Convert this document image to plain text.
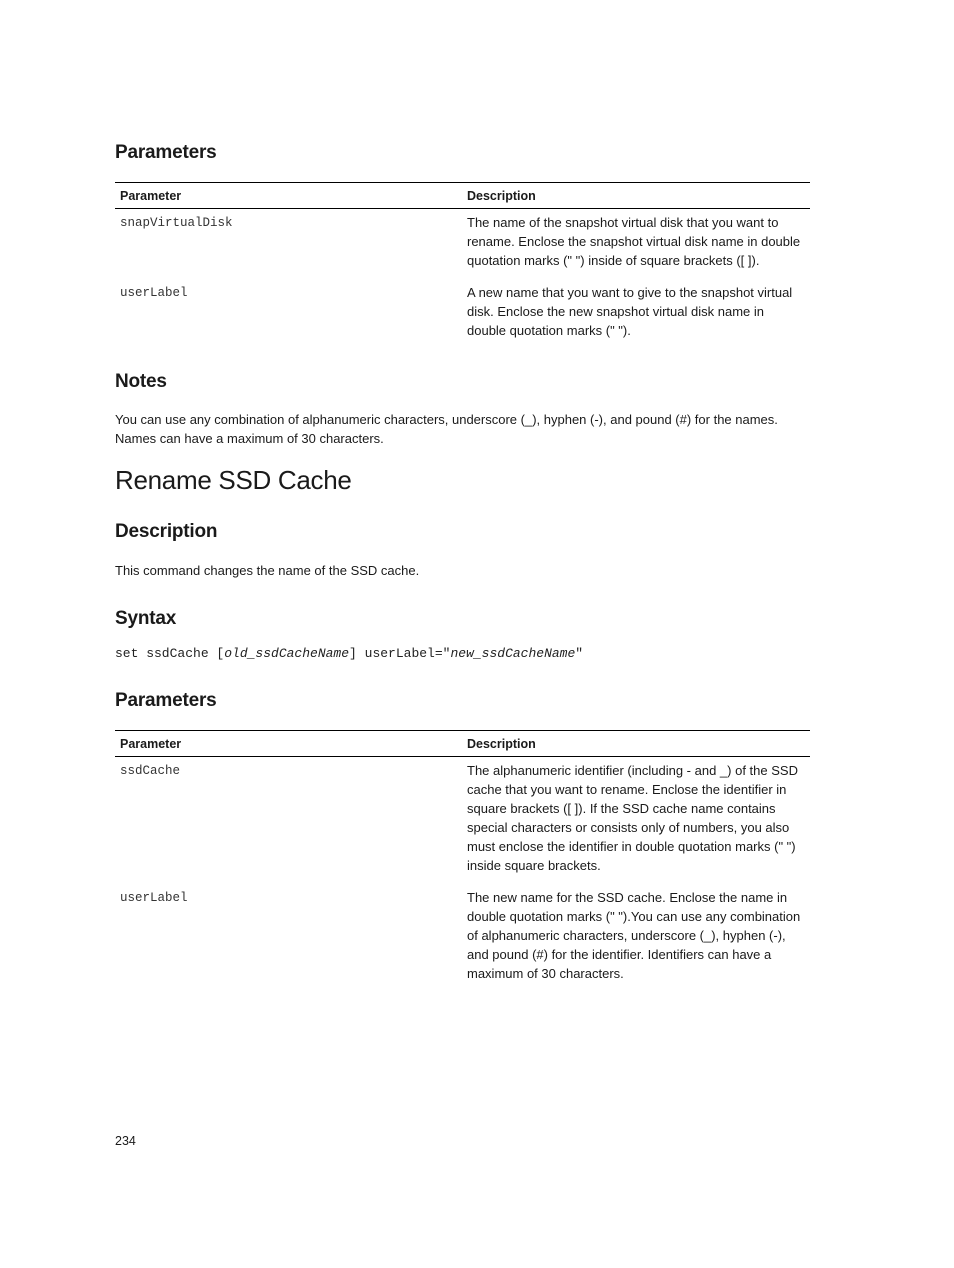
Parameters
Parameter	Description
snapVirtualDisk	The name of the snapshot virtual disk that you want to rename. Enclose the snapshot virtual disk name in double quotation marks (" ") inside of square brackets ([ ]).
userLabel	A new name that you want to give to the snapshot virtual disk. Enclose the new snapshot virtual disk name in double quotation marks (" ").
Notes

You can use any combination of alphanumeric characters, underscore (_), hyphen (-), and pound (#) for the names. Names can have a maximum of 30 characters.

Rename SSD Cache
Description

This command changes the name of the SSD cache.

Syntax
set ssdCache [old_ssdCacheName] userLabel="new_ssdCacheName"
Parameters
Parameter	Description
ssdCache	The alphanumeric identifier (including - and _) of the SSD cache that you want to rename. Enclose the identifier in square brackets ([ ]). If the SSD cache name contains special characters or consists only of numbers, you also must enclose the identifier in double quotation marks (" ") inside square brackets.
userLabel	The new name for the SSD cache. Enclose the name in double quotation marks (" ").You can use any combination of alphanumeric characters, underscore (_), hyphen (-), and pound (#) for the identifier. Identifiers can have a maximum of 30 characters.
234
